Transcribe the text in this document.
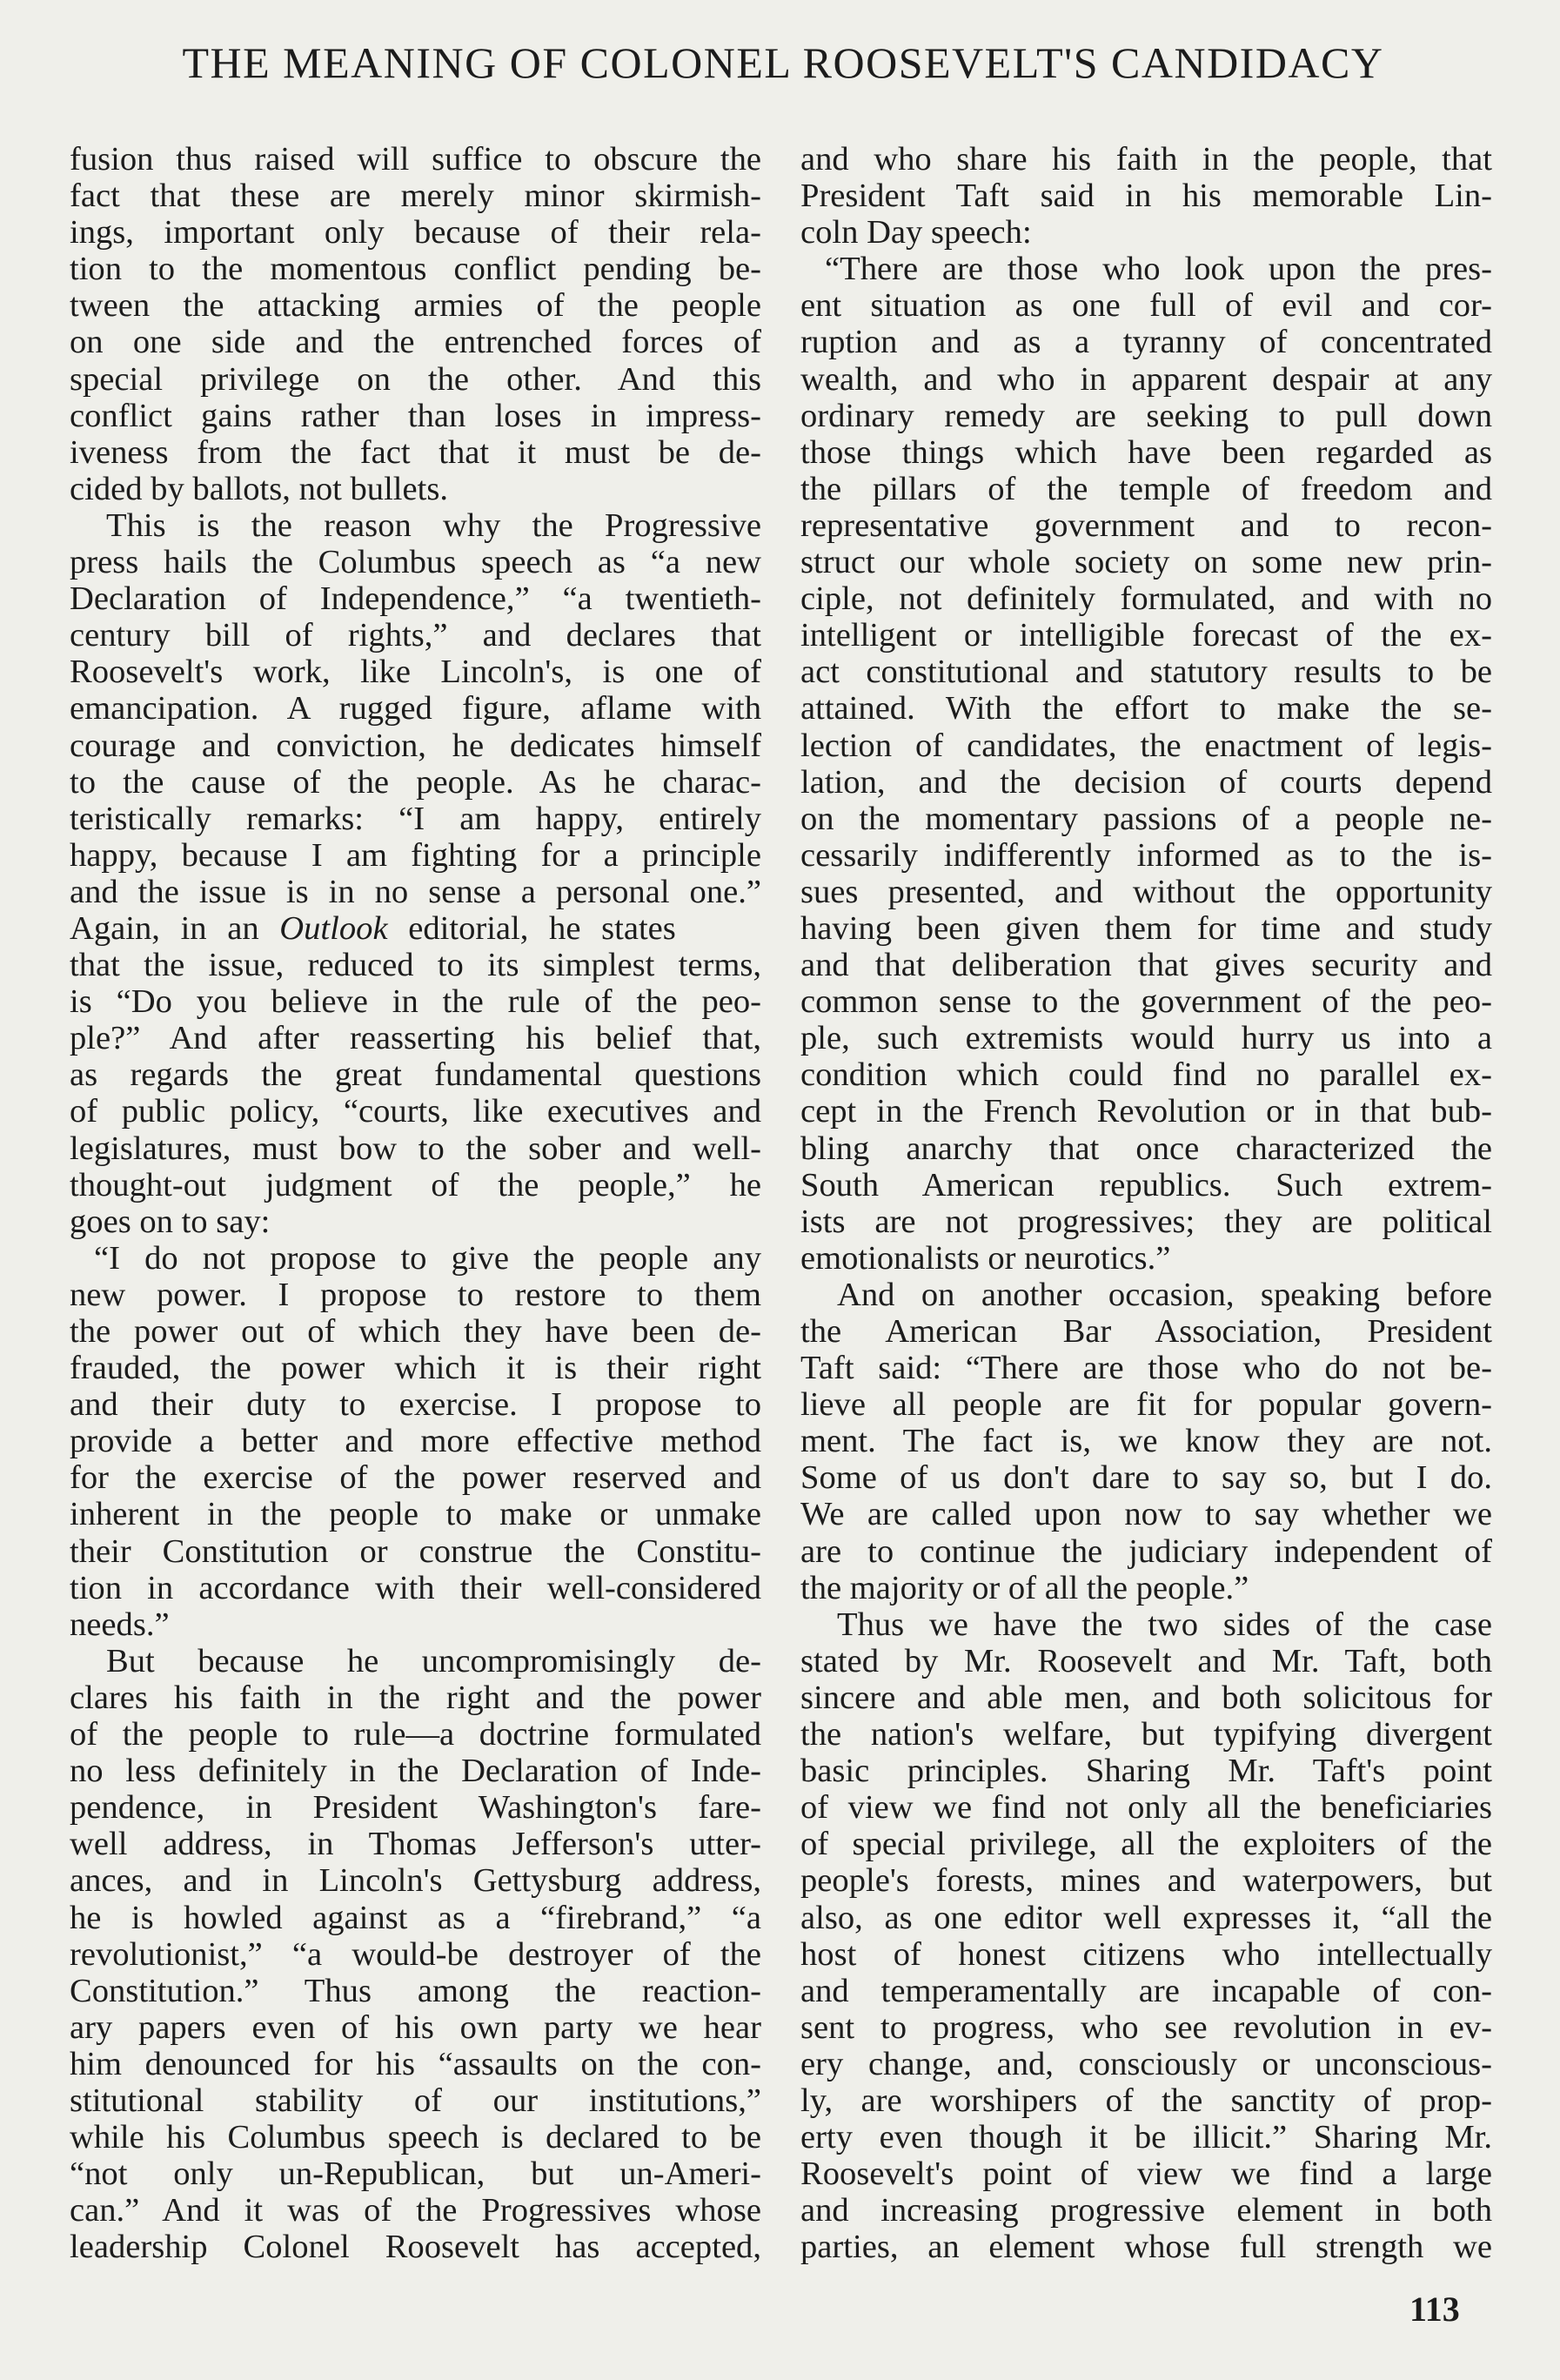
THE MEANING OF COLONEL ROOSEVELT'S CANDIDACY
fusion thus raised will suffice to obscure the
fact that these are merely minor skirmish-
ings, important only because of their rela-
tion to the momentous conflict pending be-
tween the attacking armies of the people
on one side and the entrenched forces of
special privilege on the other. And this
conflict gains rather than loses in impress-
iveness from the fact that it must be de-
cided by ballots, not bullets.
This is the reason why the Progressive
press hails the Columbus speech as “a new
Declaration of Independence,” “a twentieth-
century bill of rights,” and declares that
Roosevelt's work, like Lincoln's, is one of
emancipation. A rugged figure, aflame with
courage and conviction, he dedicates himself
to the cause of the people. As he charac-
teristically remarks: “I am happy, entirely
happy, because I am fighting for a principle
and the issue is in no sense a personal one.”
Again, in an Outlook editorial, he states
that the issue, reduced to its simplest terms,
is “Do you believe in the rule of the peo-
ple?” And after reasserting his belief that,
as regards the great fundamental questions
of public policy, “courts, like executives and
legislatures, must bow to the sober and well-
thought-out judgment of the people,” he
goes on to say:
“I do not propose to give the people any
new power. I propose to restore to them
the power out of which they have been de-
frauded, the power which it is their right
and their duty to exercise. I propose to
provide a better and more effective method
for the exercise of the power reserved and
inherent in the people to make or unmake
their Constitution or construe the Constitu-
tion in accordance with their well-considered
needs.”
But because he uncompromisingly de-
clares his faith in the right and the power
of the people to rule—a doctrine formulated
no less definitely in the Declaration of Inde-
pendence, in President Washington's fare-
well address, in Thomas Jefferson's utter-
ances, and in Lincoln's Gettysburg address,
he is howled against as a “firebrand,” “a
revolutionist,” “a would-be destroyer of the
Constitution.” Thus among the reaction-
ary papers even of his own party we hear
him denounced for his “assaults on the con-
stitutional stability of our institutions,”
while his Columbus speech is declared to be
“not only un-Republican, but un-Ameri-
can.” And it was of the Progressives whose
leadership Colonel Roosevelt has accepted,
and who share his faith in the people, that
President Taft said in his memorable Lin-
coln Day speech:
“There are those who look upon the pres-
ent situation as one full of evil and cor-
ruption and as a tyranny of concentrated
wealth, and who in apparent despair at any
ordinary remedy are seeking to pull down
those things which have been regarded as
the pillars of the temple of freedom and
representative government and to recon-
struct our whole society on some new prin-
ciple, not definitely formulated, and with no
intelligent or intelligible forecast of the ex-
act constitutional and statutory results to be
attained. With the effort to make the se-
lection of candidates, the enactment of legis-
lation, and the decision of courts depend
on the momentary passions of a people ne-
cessarily indifferently informed as to the is-
sues presented, and without the opportunity
having been given them for time and study
and that deliberation that gives security and
common sense to the government of the peo-
ple, such extremists would hurry us into a
condition which could find no parallel ex-
cept in the French Revolution or in that bub-
bling anarchy that once characterized the
South American republics. Such extrem-
ists are not progressives; they are political
emotionalists or neurotics.”
And on another occasion, speaking before
the American Bar Association, President
Taft said: “There are those who do not be-
lieve all people are fit for popular govern-
ment. The fact is, we know they are not.
Some of us don't dare to say so, but I do.
We are called upon now to say whether we
are to continue the judiciary independent of
the majority or of all the people.”
Thus we have the two sides of the case
stated by Mr. Roosevelt and Mr. Taft, both
sincere and able men, and both solicitous for
the nation's welfare, but typifying divergent
basic principles. Sharing Mr. Taft's point
of view we find not only all the beneficiaries
of special privilege, all the exploiters of the
people's forests, mines and waterpowers, but
also, as one editor well expresses it, “all the
host of honest citizens who intellectually
and temperamentally are incapable of con-
sent to progress, who see revolution in ev-
ery change, and, consciously or unconscious-
ly, are worshipers of the sanctity of prop-
erty even though it be illicit.” Sharing Mr.
Roosevelt's point of view we find a large
and increasing progressive element in both
parties, an element whose full strength we
113
